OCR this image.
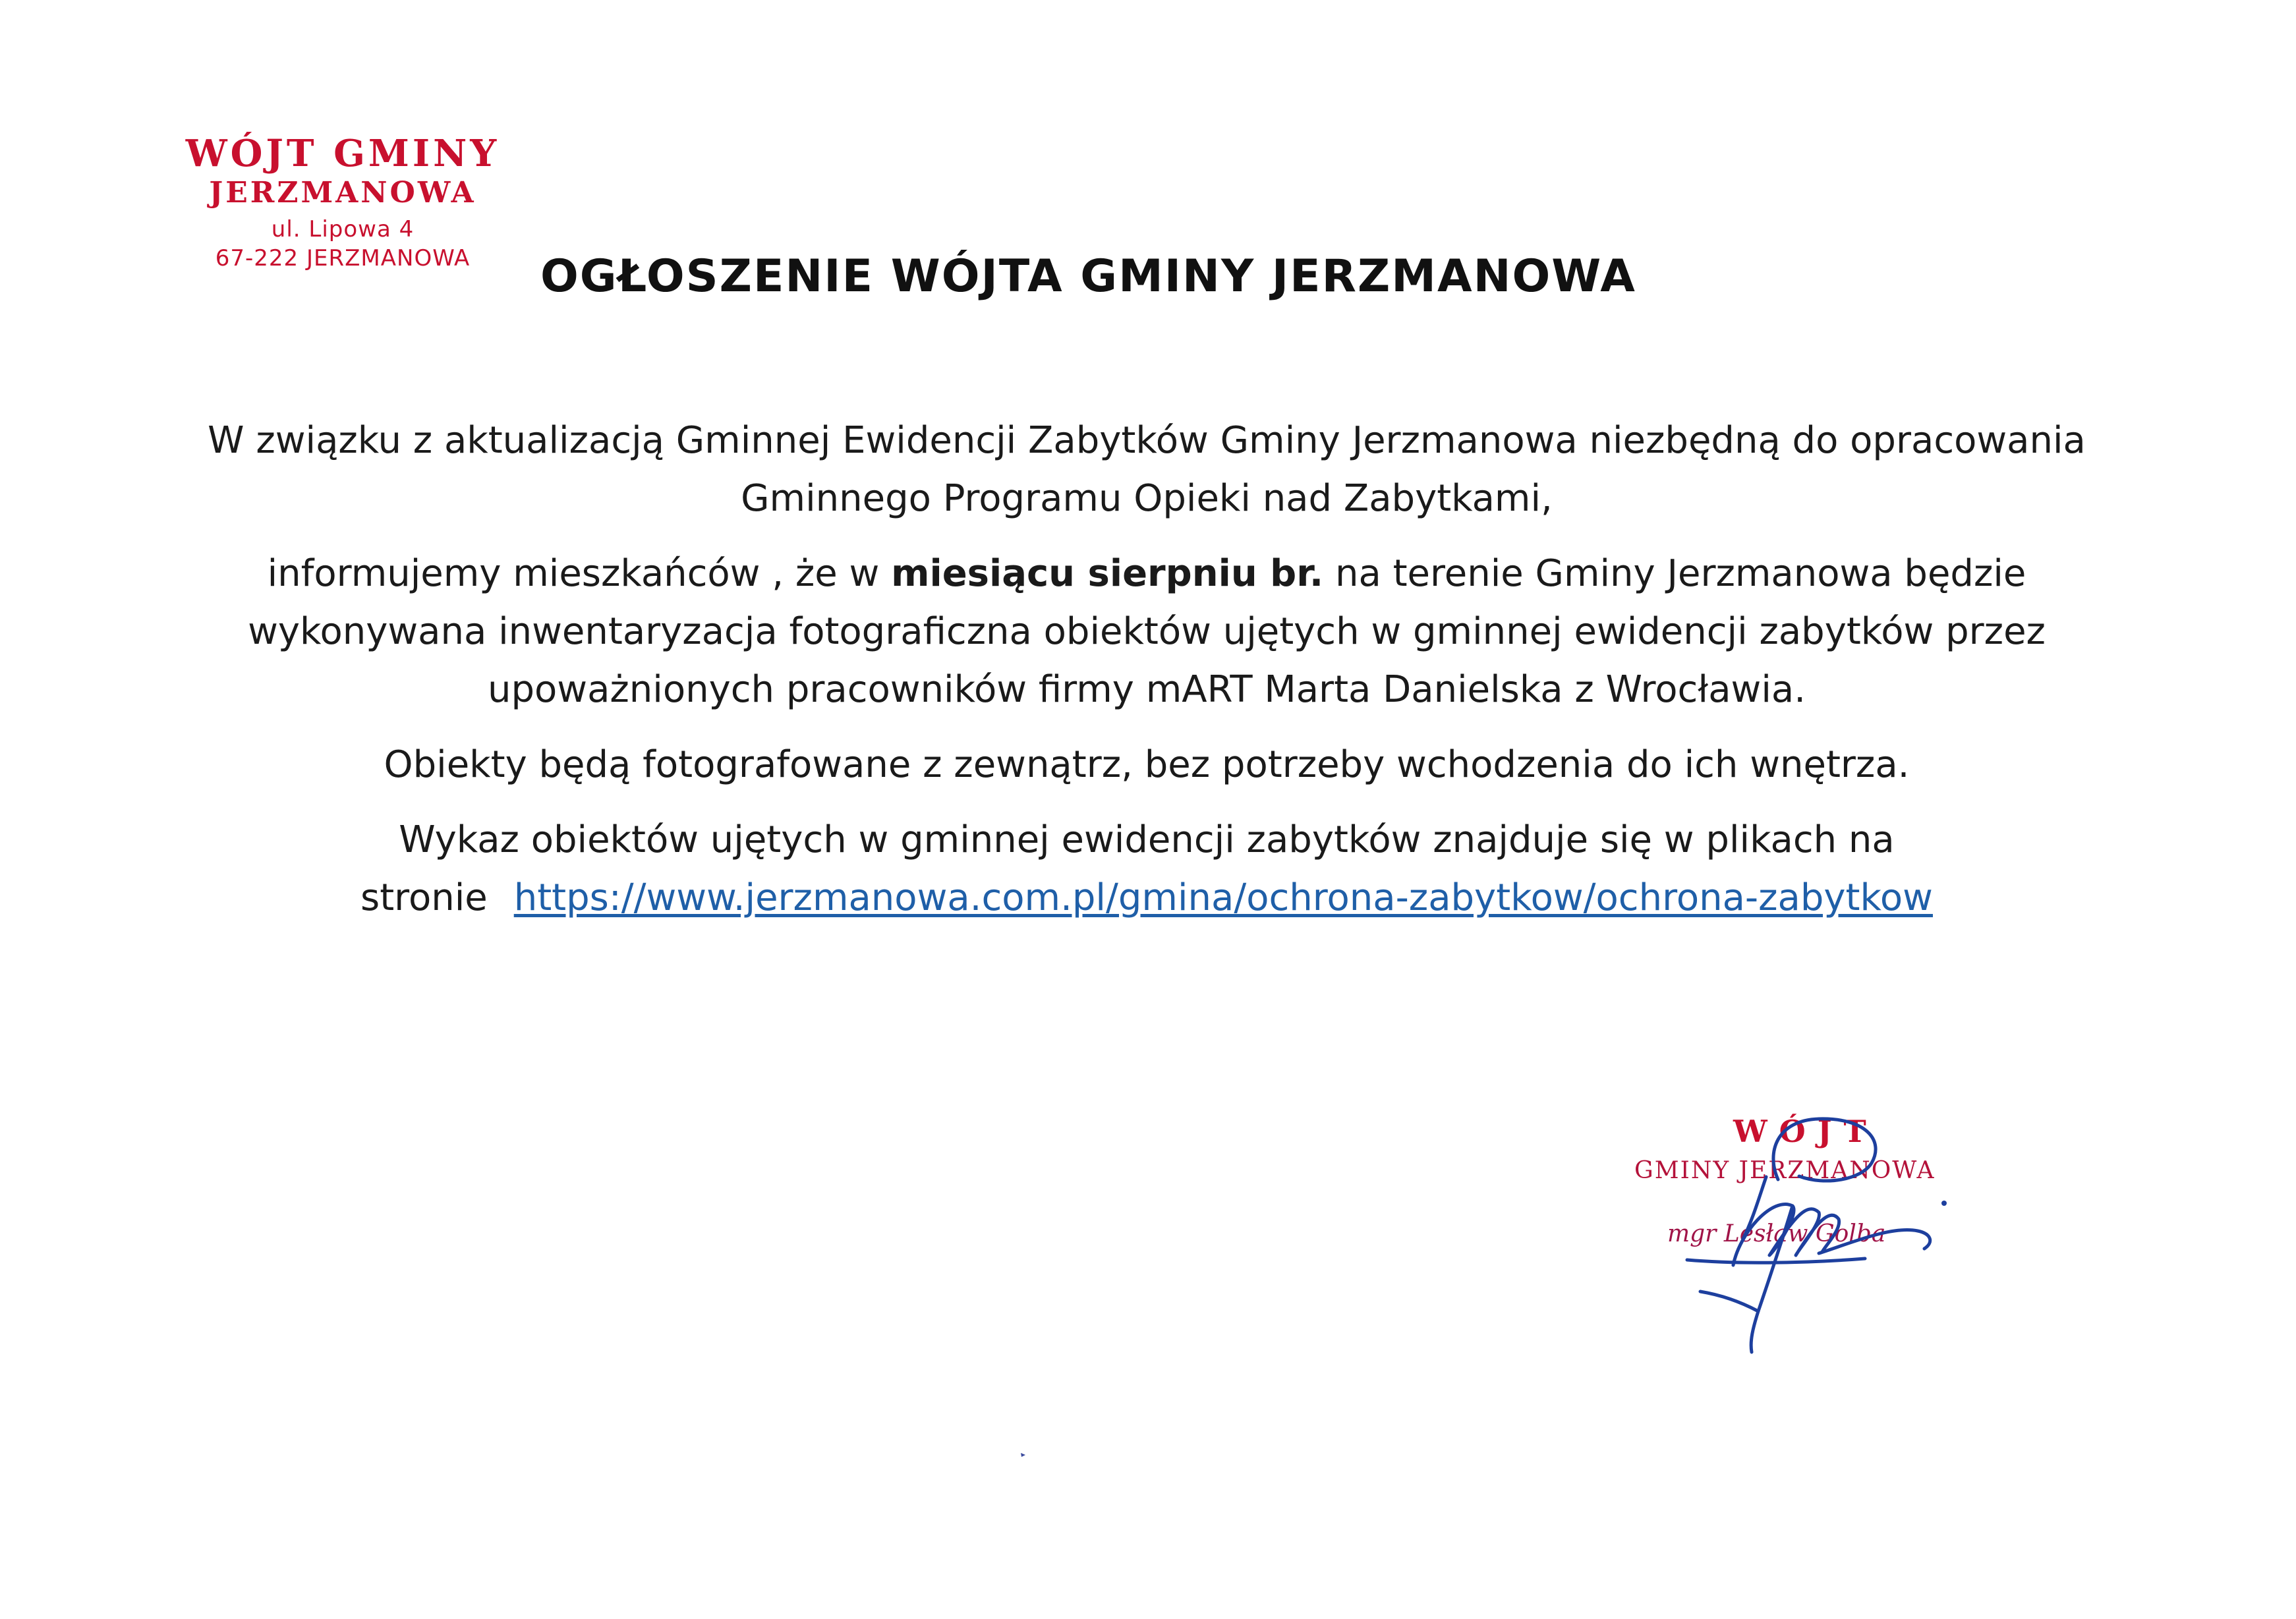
WÓJT GMINY

JERZMANOWA

ul. Lipowa 4

67-222 JERZMANOWA	OGŁOSZENIE WÓJTA GMINY JERZMANOWA

W związku z aktualizacją Gminnej Ewidencji Zabytków Gminy Jerzmanowa niezbędną do opracowania Gminnego Programu Opieki nad Zabytkami,

informujemy mieszkańców , że w miesiącu sierpniu br. na terenie Gminy Jerzmanowa będzie wykonywana inwentaryzacja fotograficzna obiektów ujętych w gminnej ewidencji zabytków przez upoważnionych pracowników firmy mART Marta Danielska z Wrocławia.

Obiekty będą fotografowane z zewnątrz, bez potrzeby wchodzenia do ich wnętrza.

Wykaz obiektów ujętych w gminnej ewidencji zabytków znajduje się w plikach na stronie https://www.jerzmanowa.com.pl/gmina/ochrona-zabytkow/ochrona-zabytkow

WÓJT

GMINY JERZMANOWA

mgr Lesław Golba
